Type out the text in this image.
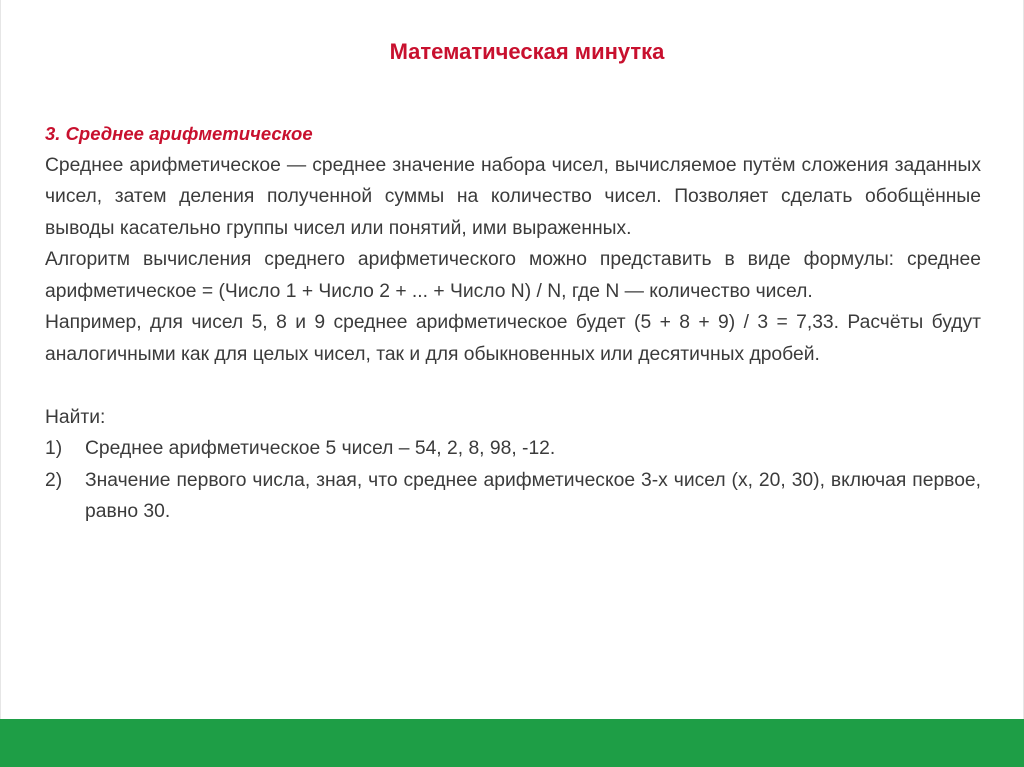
Математическая минутка
3. Среднее арифметическое

Среднее арифметическое — среднее значение набора чисел, вычисляемое путём сложения заданных чисел, затем деления полученной суммы на количество чисел. Позволяет сделать обобщённые выводы касательно группы чисел или понятий, ими выраженных.

Алгоритм вычисления среднего арифметического можно представить в виде формулы: среднее арифметическое = (Число 1 + Число 2 + ... + Число N) / N, где N — количество чисел.

Например, для чисел 5, 8 и 9 среднее арифметическое будет (5 + 8 + 9) / 3 = 7,33. Расчёты будут аналогичными как для целых чисел, так и для обыкновенных или десятичных дробей.

Найти:

1)	Среднее арифметическое 5 чисел – 54, 2, 8, 98, -12.
2)	Значение первого числа, зная, что среднее арифметическое 3-х чисел (х, 20, 30), включая первое, равно 30.
